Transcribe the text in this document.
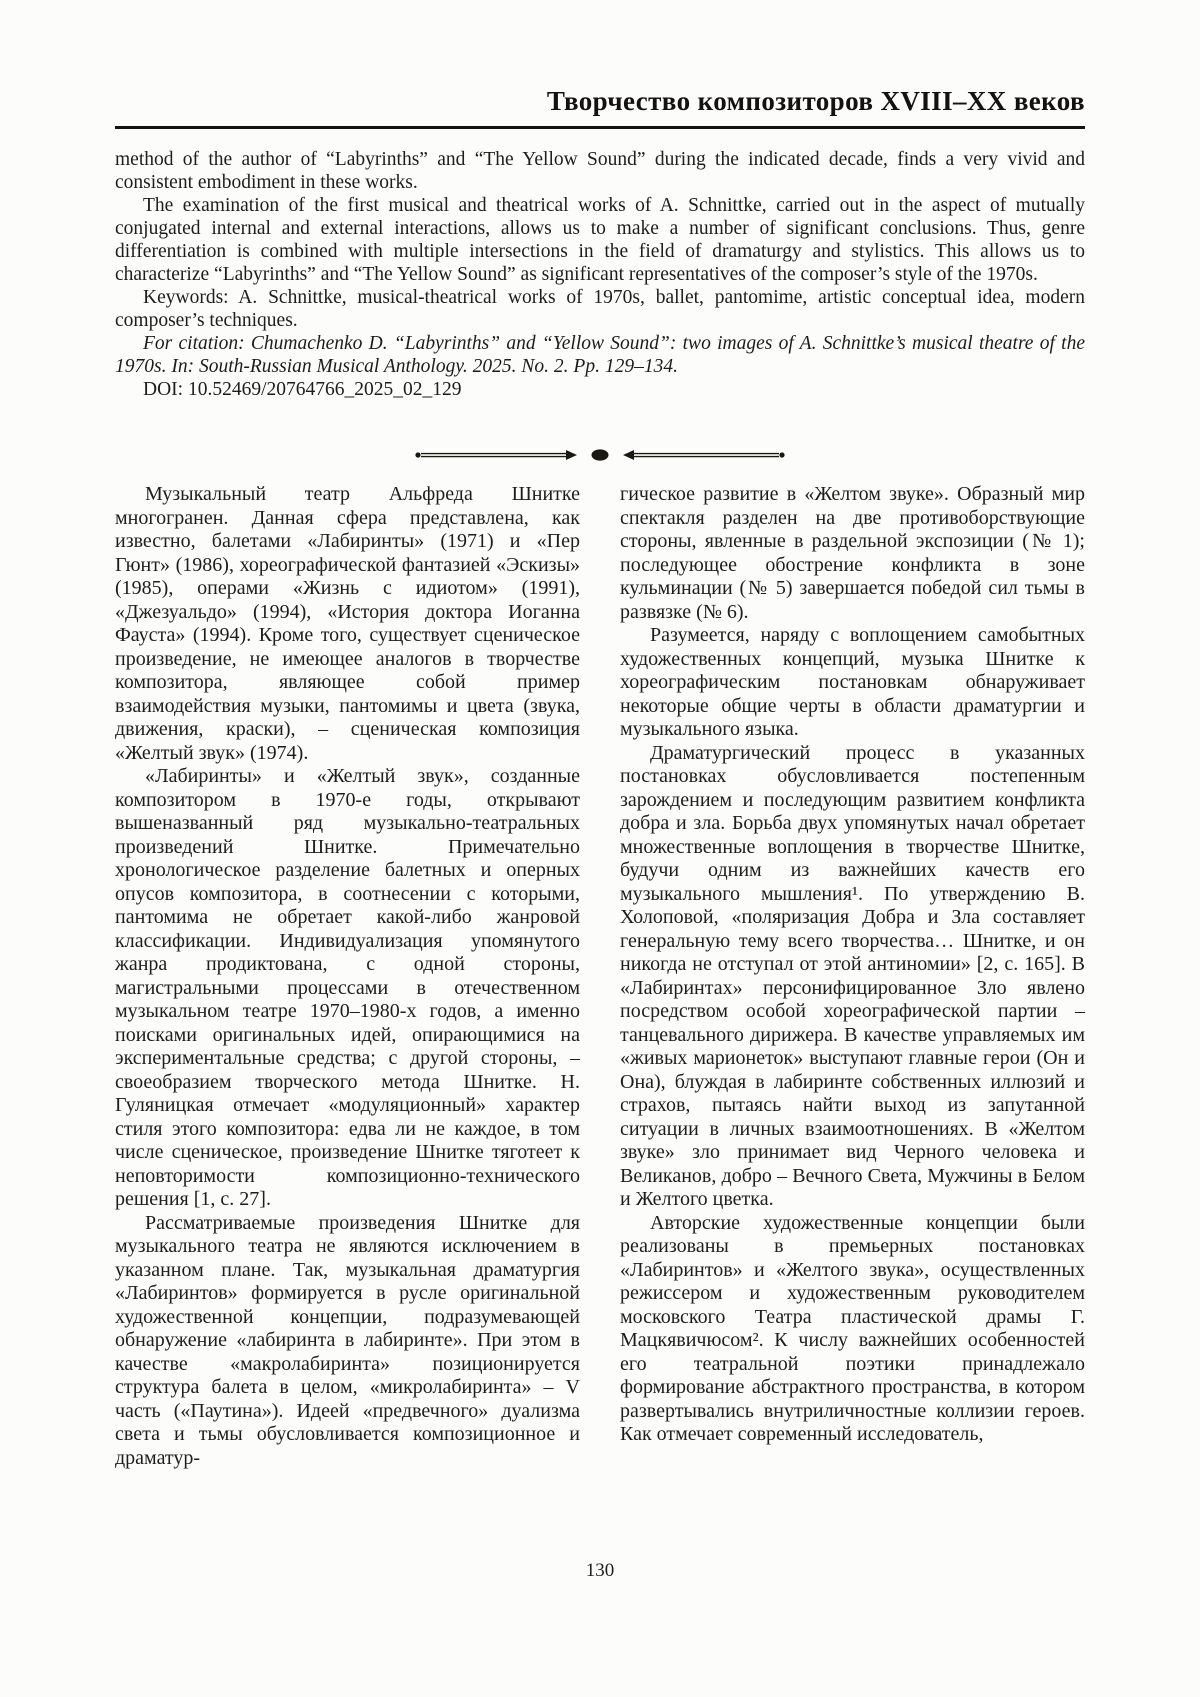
Творчество композиторов XVIII–XX веков

method of the author of “Labyrinths” and “The Yellow Sound” during the indicated decade, finds a very vivid and consistent embodiment in these works.

The examination of the first musical and theatrical works of A. Schnittke, carried out in the aspect of mutually conjugated internal and external interactions, allows us to make a number of significant conclusions. Thus, genre differentiation is combined with multiple intersections in the field of dramaturgy and stylistics. This allows us to characterize “Labyrinths” and “The Yellow Sound” as significant representatives of the composer’s style of the 1970s.

Keywords: A. Schnittke, musical-theatrical works of 1970s, ballet, pantomime, artistic conceptual idea, modern composer’s techniques.

For citation: Chumachenko D. “Labyrinths” and “Yellow Sound”: two images of A. Schnittke’s musical theatre of the 1970s. In: South-Russian Musical Anthology. 2025. No. 2. Pp. 129–134.

DOI: 10.52469/20764766_2025_02_129

Музыкальный театр Альфреда Шнитке многогранен. Данная сфера представлена, как известно, балетами «Лабиринты» (1971) и «Пер Гюнт» (1986), хореографической фантазией «Эскизы» (1985), операми «Жизнь с идиотом» (1991), «Джезуальдо» (1994), «История доктора Иоганна Фауста» (1994). Кроме того, существует сценическое произведение, не имеющее аналогов в творчестве композитора, являющее собой пример взаимодействия музыки, пантомимы и цвета (звука, движения, краски), – сценическая композиция «Желтый звук» (1974).

«Лабиринты» и «Желтый звук», созданные композитором в 1970-е годы, открывают вышеназванный ряд музыкально-театральных произведений Шнитке. Примечательно хронологическое разделение балетных и оперных опусов композитора, в соотнесении с которыми, пантомима не обретает какой-либо жанровой классификации. Индивидуализация упомянутого жанра продиктована, с одной стороны, магистральными процессами в отечественном музыкальном театре 1970–1980-х годов, а именно поисками оригинальных идей, опирающимися на экспериментальные средства; с другой стороны, – своеобразием творческого метода Шнитке. Н. Гуляницкая отмечает «модуляционный» характер стиля этого композитора: едва ли не каждое, в том числе сценическое, произведение Шнитке тяготеет к неповторимости композиционно-технического решения [1, с. 27].

Рассматриваемые произведения Шнитке для музыкального театра не являются исключением в указанном плане. Так, музыкальная драматургия «Лабиринтов» формируется в русле оригинальной художественной концепции, подразумевающей обнаружение «лабиринта в лабиринте». При этом в качестве «макролабиринта» позиционируется структура балета в целом, «микролабиринта» – V часть («Паутина»). Идеей «предвечного» дуализма света и тьмы обусловливается композиционное и драматур-

гическое развитие в «Желтом звуке». Образный мир спектакля разделен на две противоборствующие стороны, явленные в раздельной экспозиции (№ 1); последующее обострение конфликта в зоне кульминации (№ 5) завершается победой сил тьмы в развязке (№ 6).

Разумеется, наряду с воплощением самобытных художественных концепций, музыка Шнитке к хореографическим постановкам обнаруживает некоторые общие черты в области драматургии и музыкального языка.

Драматургический процесс в указанных постановках обусловливается постепенным зарождением и последующим развитием конфликта добра и зла. Борьба двух упомянутых начал обретает множественные воплощения в творчестве Шнитке, будучи одним из важнейших качеств его музыкального мышления¹. По утверждению В. Холоповой, «поляризация Добра и Зла составляет генеральную тему всего творчества… Шнитке, и он никогда не отступал от этой антиномии» [2, с. 165]. В «Лабиринтах» персонифицированное Зло явлено посредством особой хореографической партии – танцевального дирижера. В качестве управляемых им «живых марионеток» выступают главные герои (Он и Она), блуждая в лабиринте собственных иллюзий и страхов, пытаясь найти выход из запутанной ситуации в личных взаимоотношениях. В «Желтом звуке» зло принимает вид Черного человека и Великанов, добро – Вечного Света, Мужчины в Белом и Желтого цветка.

Авторские художественные концепции были реализованы в премьерных постановках «Лабиринтов» и «Желтого звука», осуществленных режиссером и художественным руководителем московского Театра пластической драмы Г. Мацкявичюсом². К числу важнейших особенностей его театральной поэтики принадлежало формирование абстрактного пространства, в котором развертывались внутриличностные коллизии героев. Как отмечает современный исследователь,

130
